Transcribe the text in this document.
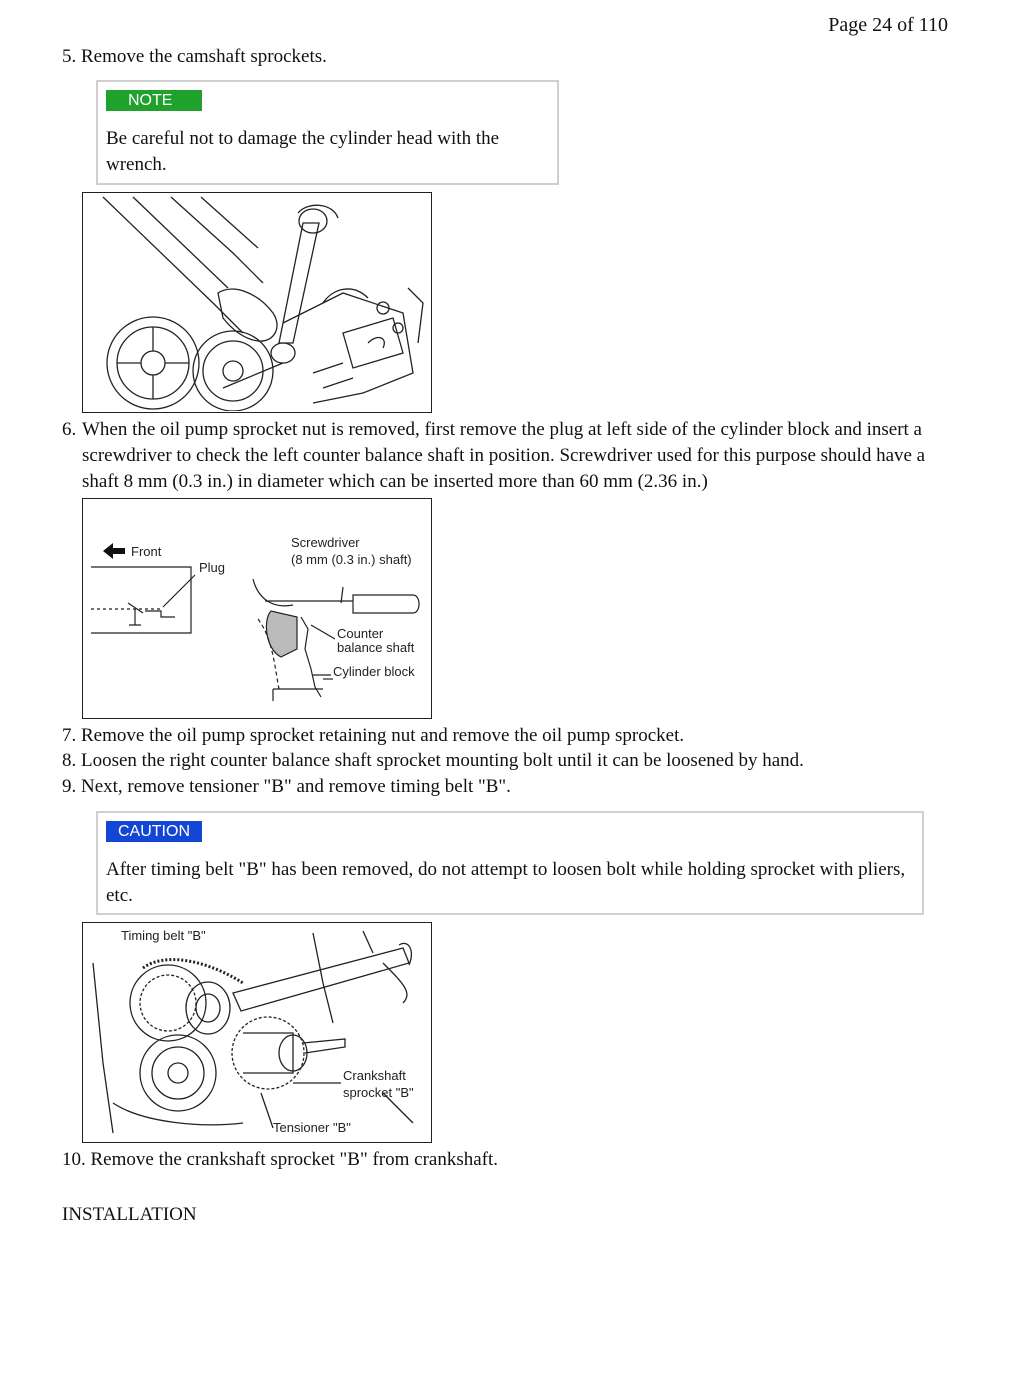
Page 24 of 110
5. Remove the camshaft sprockets.
NOTE
Be careful not to damage the cylinder head with the
wrench.
6. When the oil pump sprocket nut is removed, first remove the plug at left side of the cylinder block and insert a screwdriver to check the left counter balance shaft in position. Screwdriver used for this purpose should have a shaft 8 mm (0.3 in.) in diameter which can be inserted more than 60 mm (2.36 in.)
Front
Plug
Screwdriver
(8 mm (0.3 in.) shaft)
Counter
balance shaft
Cylinder block
7. Remove the oil pump sprocket retaining nut and remove the oil pump sprocket.
8. Loosen the right counter balance shaft sprocket mounting bolt until it can be loosened by hand.
9. Next, remove tensioner "B" and remove timing belt "B".
CAUTION
After timing belt "B" has been removed, do not attempt to loosen bolt while holding sprocket with pliers,
etc.
Timing belt "B"
Crankshaft
sprocket "B"
Tensioner "B"
10. Remove the crankshaft sprocket "B" from crankshaft.
INSTALLATION
